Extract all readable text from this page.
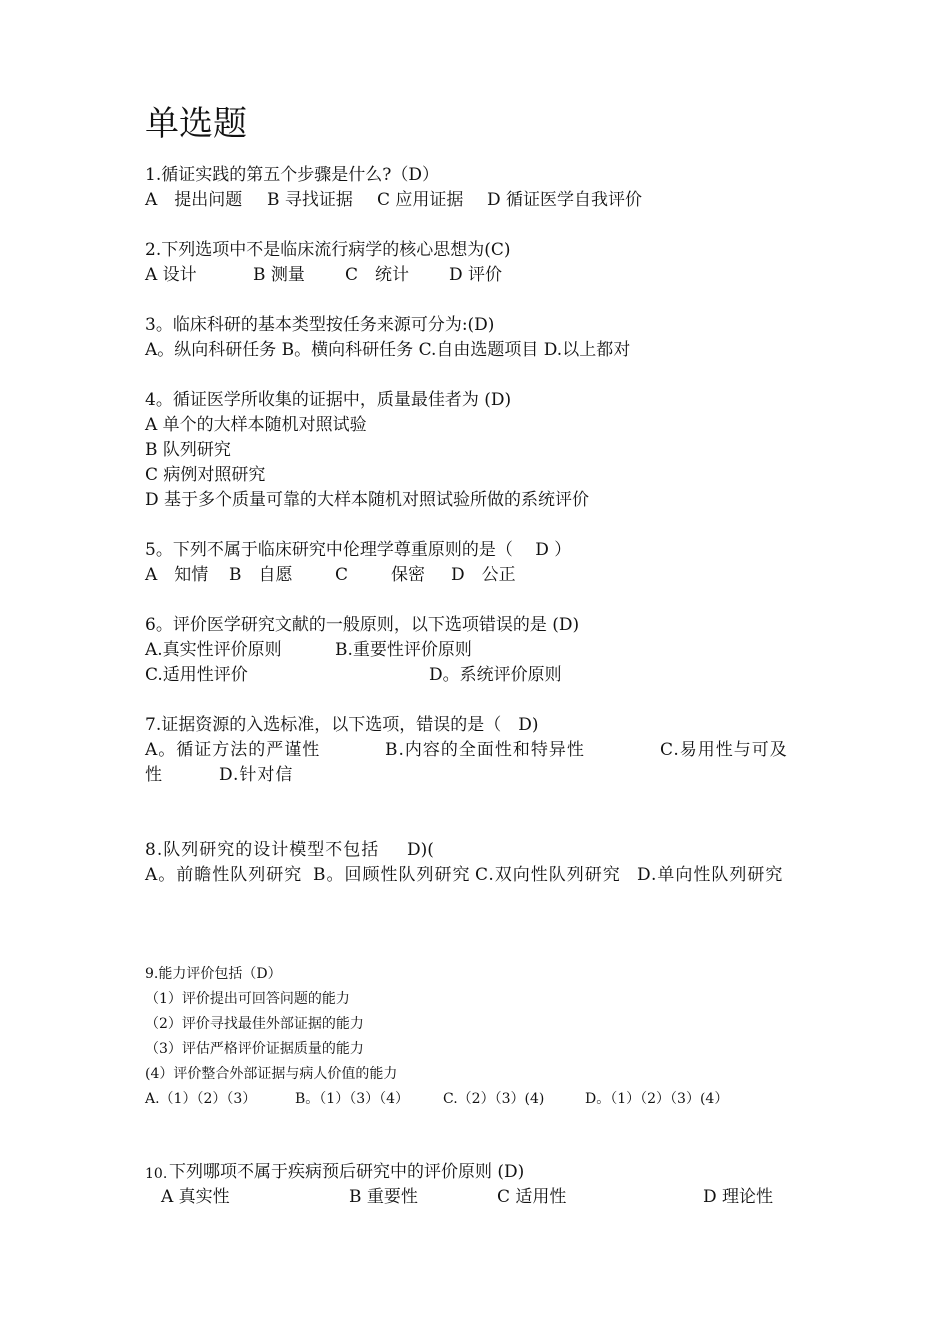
单选题
1.循证实践的第五个步骤是什么?（D）
A　提出问题 B 寻找证据 C 应用证据 D 循证医学自我评价
2.下列选项中不是临床流行病学的核心思想为(C)
A 设计	B 测量 C　统计 D 评价
3。临床科研的基本类型按任务来源可分为:(D)
A。纵向科研任务 B。横向科研任务 C.自由选题项目 D.以上都对
4。循证医学所收集的证据中，质量最佳者为 (D)
A 单个的大样本随机对照试验
B 队列研究
C 病例对照研究
D 基于多个质量可靠的大样本随机对照试验所做的系统评价
5。下列不属于临床研究中伦理学尊重原则的是（　 D ）
A　知情 B　自愿	C	保密 D　公正
6。评价医学研究文献的一般原则，以下选项错误的是 (D)
A.真实性评价原则	B.重要性评价原则
C.适用性评价	D。系统评价原则
7.证据资源的入选标准，以下选项，错误的是（　D)
A。循证方法的严谨性	B.内容的全面性和特异性	C.易用性与可及
性	D.针对信
8.队列研究的设计模型不包括 D)(
A。前瞻性队列研究 B。回顾性队列研究 C.双向性队列研究 D.单向性队列研究
9.能力评价包括（D）
（1）评价提出可回答问题的能力
（2）评价寻找最佳外部证据的能力
（3）评估严格评价证据质量的能力
(4）评价整合外部证据与病人价值的能力
A.（1）（2）（3）	B。（1）（3）（4） C.（2）（3）(4)	D。（1）（2）（3）(4）
10. 下列哪项不属于疾病预后研究中的评价原则 (D)
A 真实性	B 重要性	C 适用性	D 理论性
